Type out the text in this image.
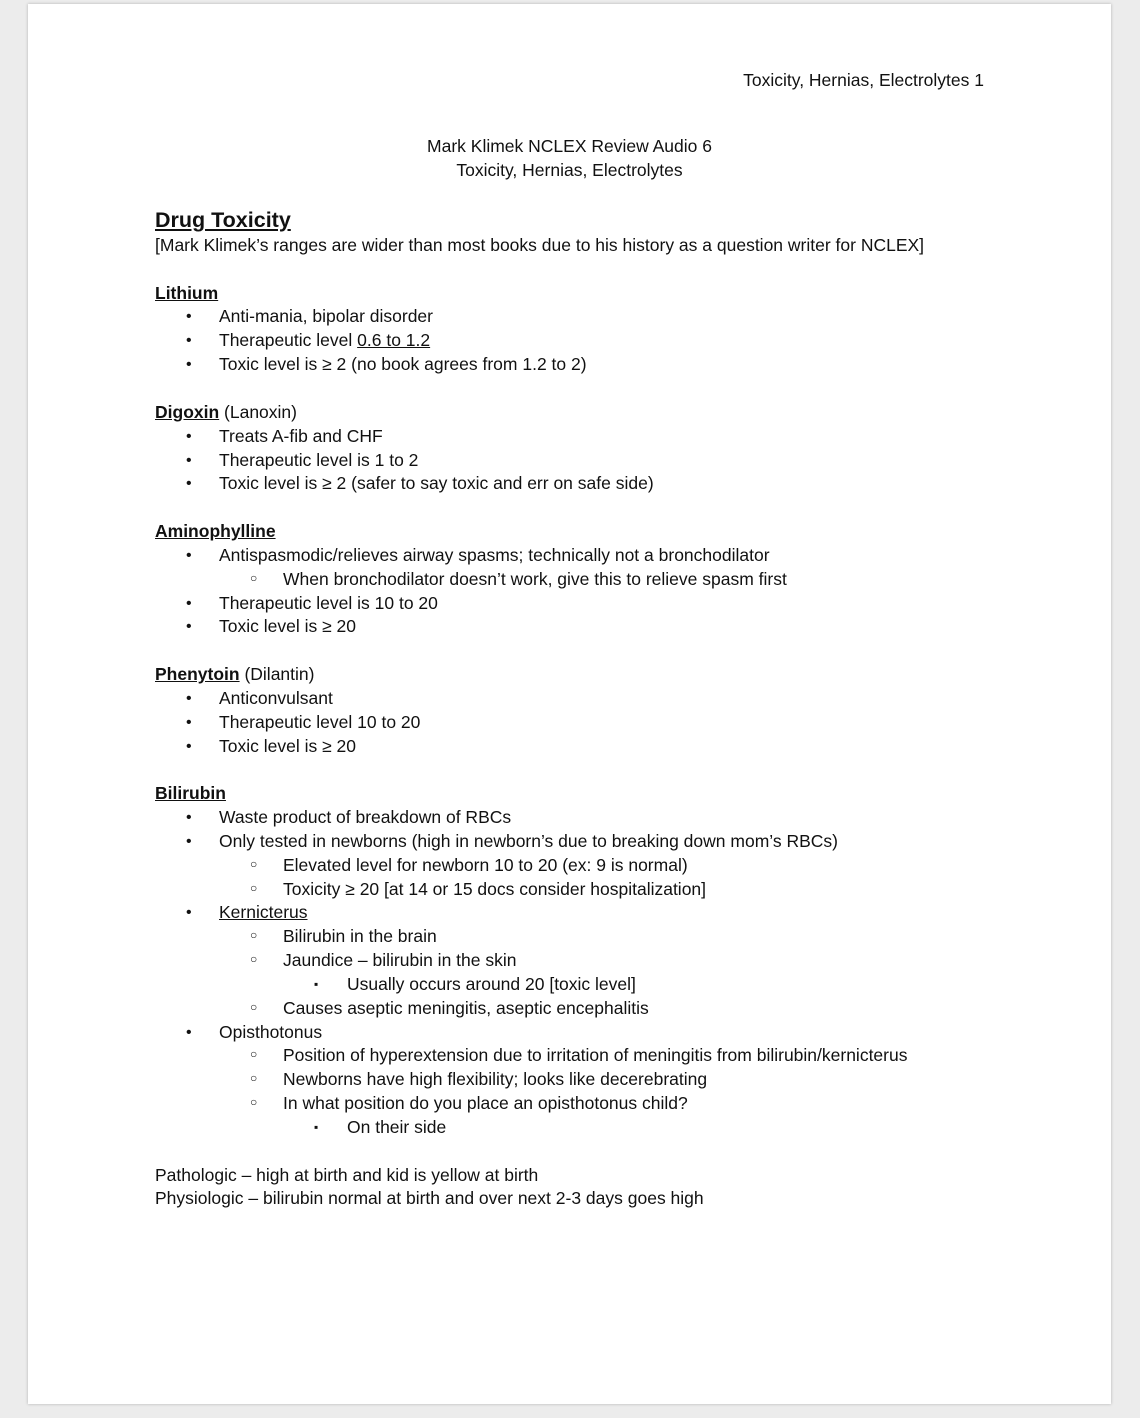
Toxicity, Hernias, Electrolytes 1
Mark Klimek NCLEX Review Audio 6
Toxicity, Hernias, Electrolytes
Drug Toxicity
[Mark Klimek’s ranges are wider than most books due to his history as a question writer for NCLEX]
Lithium
• Anti-mania, bipolar disorder
• Therapeutic level 0.6 to 1.2
• Toxic level is ≥ 2 (no book agrees from 1.2 to 2)
Digoxin (Lanoxin)
• Treats A-fib and CHF
• Therapeutic level is 1 to 2
• Toxic level is ≥ 2 (safer to say toxic and err on safe side)
Aminophylline
• Antispasmodic/relieves airway spasms; technically not a bronchodilator
○ When bronchodilator doesn’t work, give this to relieve spasm first
• Therapeutic level is 10 to 20
• Toxic level is ≥ 20
Phenytoin (Dilantin)
• Anticonvulsant
• Therapeutic level 10 to 20
• Toxic level is ≥ 20
Bilirubin
• Waste product of breakdown of RBCs
• Only tested in newborns (high in newborn’s due to breaking down mom’s RBCs)
○ Elevated level for newborn 10 to 20 (ex: 9 is normal)
○ Toxicity ≥ 20 [at 14 or 15 docs consider hospitalization]
• Kernicterus
○ Bilirubin in the brain
○ Jaundice – bilirubin in the skin
▪ Usually occurs around 20 [toxic level]
○ Causes aseptic meningitis, aseptic encephalitis
• Opisthotonus
○ Position of hyperextension due to irritation of meningitis from bilirubin/kernicterus
○ Newborns have high flexibility; looks like decerebrating
○ In what position do you place an opisthotonus child?
▪ On their side
Pathologic – high at birth and kid is yellow at birth
Physiologic – bilirubin normal at birth and over next 2-3 days goes high
